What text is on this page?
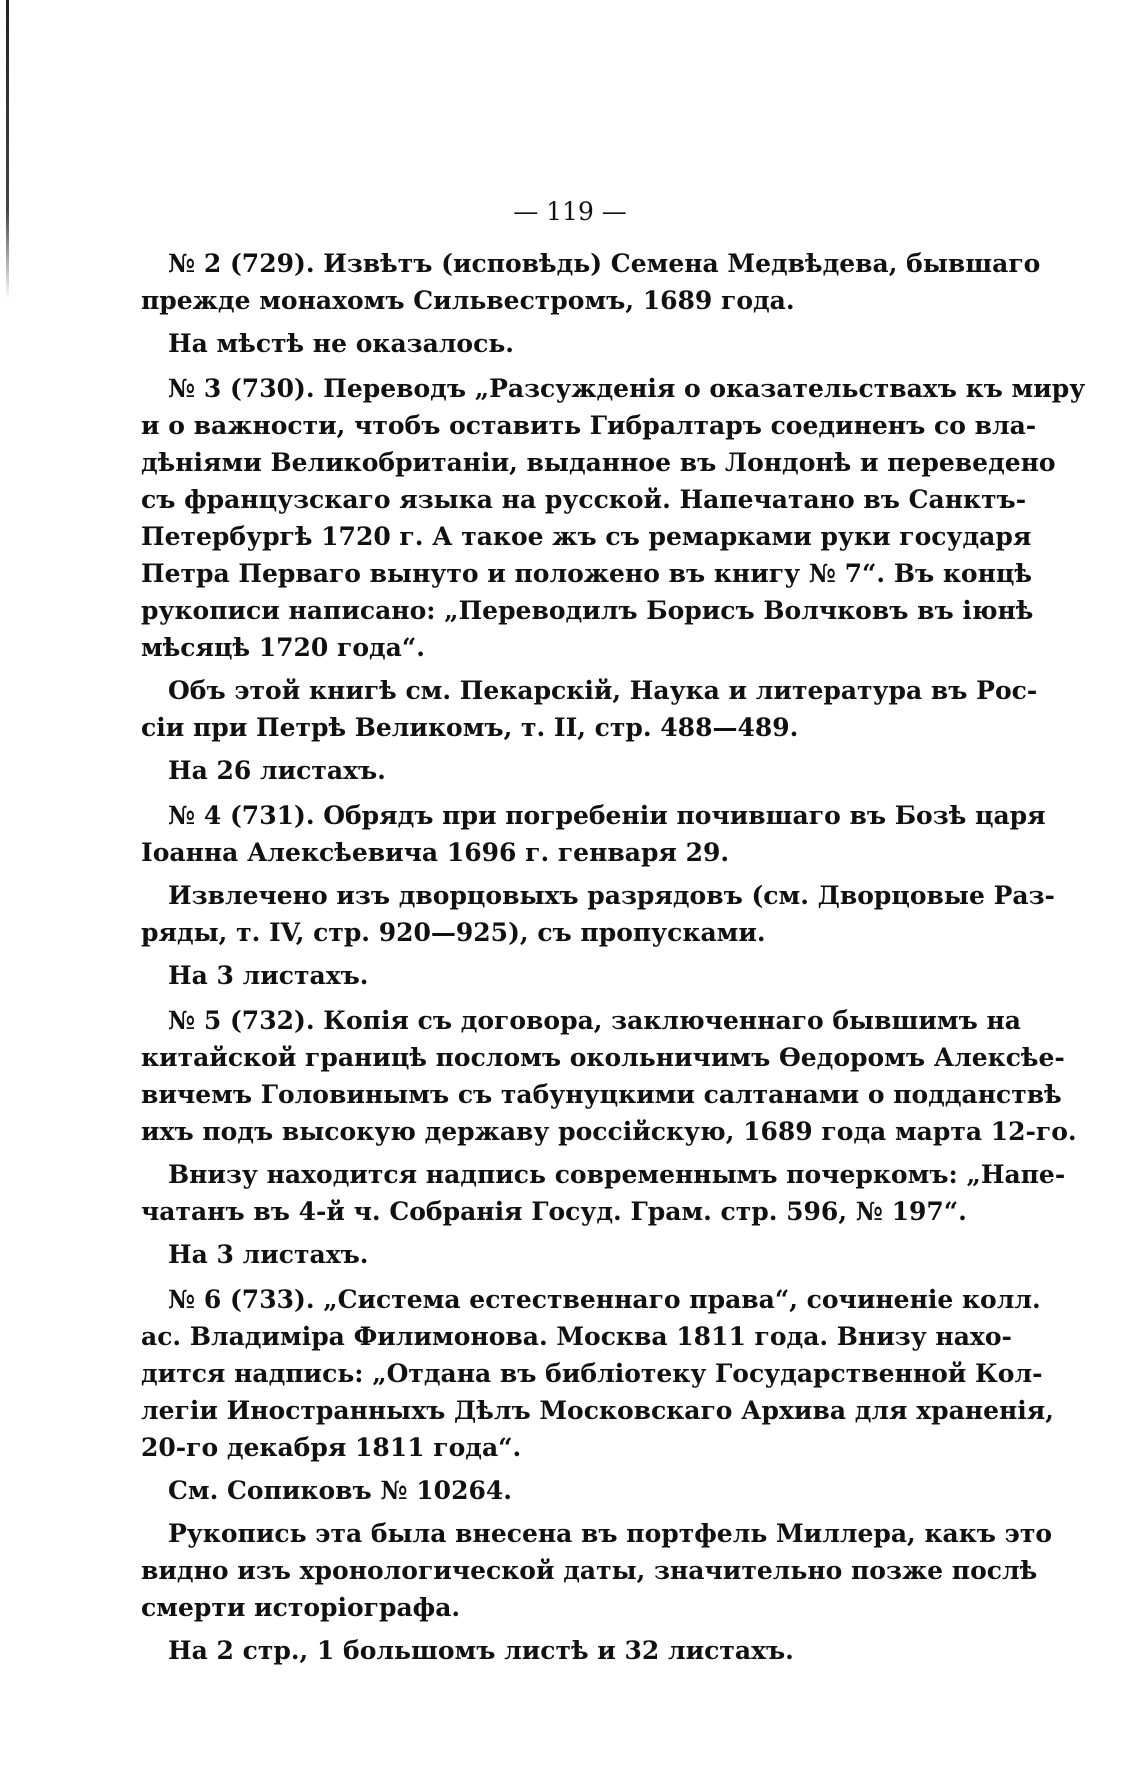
— 119 —
№ 2 (729). Извѣтъ (исповѣдь) Семена Медвѣдева, бывшаго
прежде монахомъ Сильвестромъ, 1689 года.
На мѣстѣ не оказалось.
№ 3 (730). Переводъ „Разсужденія о оказательствахъ къ миру
и о важности, чтобъ оставить Гибралтаръ соединенъ со вла-
дѣніями Великобританіи, выданное въ Лондонѣ и переведено
съ французскаго языка на русской. Напечатано въ Санктъ-
Петербургѣ 1720 г. А такое жъ съ ремарками руки государя
Петра Перваго вынуто и положено въ книгу № 7“. Въ концѣ
рукописи написано: „Переводилъ Борисъ Волчковъ въ іюнѣ
мѣсяцѣ 1720 года“.
Объ этой книгѣ см. Пекарскій, Наука и литература въ Рос-
сіи при Петрѣ Великомъ, т. II, стр. 488—489.
На 26 листахъ.
№ 4 (731). Обрядъ при погребеніи почившаго въ Бозѣ царя
Іоанна Алексѣевича 1696 г. генваря 29.
Извлечено изъ дворцовыхъ разрядовъ (см. Дворцовые Раз-
ряды, т. IV, стр. 920—925), съ пропусками.
На 3 листахъ.
№ 5 (732). Копія съ договора, заключеннаго бывшимъ на
китайской границѣ посломъ окольничимъ Ѳедоромъ Алексѣе-
вичемъ Головинымъ съ табунуцкими салтанами о подданствѣ
ихъ подъ высокую державу россійскую, 1689 года марта 12-го.
Внизу находится надпись современнымъ почеркомъ: „Напе-
чатанъ въ 4-й ч. Собранія Госуд. Грам. стр. 596, № 197“.
На 3 листахъ.
№ 6 (733). „Система естественнаго права“, сочиненіе колл.
ас. Владиміра Филимонова. Москва 1811 года. Внизу нахо-
дится надпись: „Отдана въ библіотеку Государственной Кол-
легіи Иностранныхъ Дѣлъ Московскаго Архива для храненія,
20-го декабря 1811 года“.
См. Сопиковъ № 10264.
Рукопись эта была внесена въ портфель Миллера, какъ это
видно изъ хронологической даты, значительно позже послѣ
смерти исторіографа.
На 2 стр., 1 большомъ листѣ и 32 листахъ.
